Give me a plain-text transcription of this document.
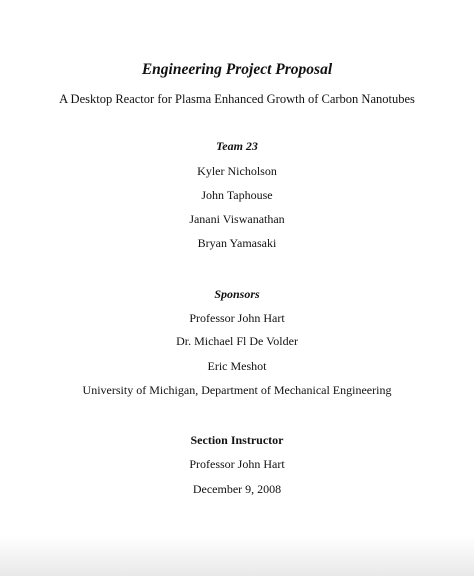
Engineering Project Proposal
A Desktop Reactor for Plasma Enhanced Growth of Carbon Nanotubes
Team 23
Kyler Nicholson
John Taphouse
Janani Viswanathan
Bryan Yamasaki
Sponsors
Professor John Hart
Dr. Michael Fl De Volder
Eric Meshot
University of Michigan, Department of Mechanical Engineering
Section Instructor
Professor John Hart
December 9, 2008
